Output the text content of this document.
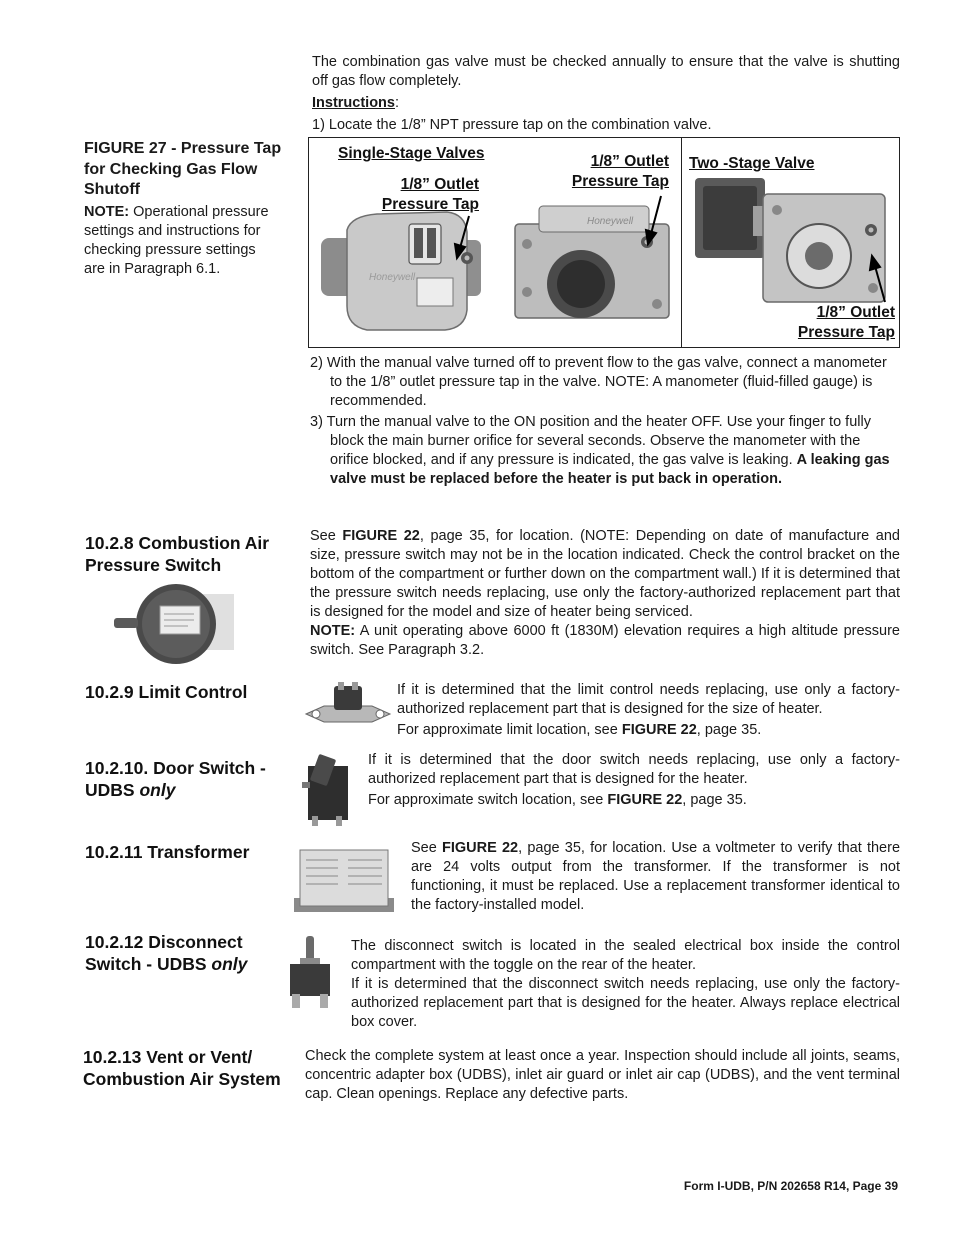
The combination gas valve must be checked annually to ensure that the valve is shutting off gas flow completely.

Instructions:
1) Locate the 1/8” NPT pressure tap on the combination valve.
FIGURE 27 - Pressure Tap for Checking Gas Flow Shutoff
NOTE: Operational pressure settings and instructions for checking pressure settings are in Paragraph 6.1.
Honeywell
Honeywell
Single-Stage Valves
1/8” Outlet Pressure Tap
1/8” Outlet Pressure Tap
Two -Stage Valve
1/8” Outlet Pressure Tap

2) With the manual valve turned off to prevent flow to the gas valve, connect a manometer to the 1/8” outlet pressure tap in the valve. NOTE: A manometer (fluid-filled gauge) is recommended.

3) Turn the manual valve to the ON position and the heater OFF. Use your finger to fully block the main burner orifice for several seconds. Observe the manometer with the orifice blocked, and if any pressure is indicated, the gas valve is leaking. A leaking gas valve must be replaced before the heater is put back in operation.

10.2.8 Combustion Air Pressure Switch

See FIGURE 22, page 35, for location. (NOTE: Depending on date of manufacture and size, pressure switch may not be in the location indicated. Check the control bracket on the bottom of the compartment or further down on the compartment wall.) If it is determined that the pressure switch needs replacing, use only the factory-authorized replacement part that is designed for the model and size of heater being serviced.

NOTE: A unit operating above 6000 ft (1830M) elevation requires a high altitude pressure switch. See Paragraph 3.2.

10.2.9 Limit Control	If it is determined that the limit control needs replacing, use only a factory-authorized replacement part that is designed for the size of heater.

For approximate limit location, see FIGURE 22, page 35.

10.2.10. Door Switch - UDBS only

If it is determined that the door switch needs replacing, use only a factory-authorized replacement part that is designed for the heater.

For approximate switch location, see FIGURE 22, page 35.

10.2.11 Transformer	See FIGURE 22, page 35, for location. Use a voltmeter to verify that there are 24 volts output from the transformer. If the transformer is not functioning, it must be replaced. Use a replacement transformer identical to the factory-installed model.

10.2.12 Disconnect Switch - UDBS only

The disconnect switch is located in the sealed electrical box inside the control compartment with the toggle on the rear of the heater.

If it is determined that the disconnect switch needs replacing, use only the factory-authorized replacement part that is designed for the heater. Always replace electrical box cover.

10.2.13 Vent or Vent/ Combustion Air System

Check the complete system at least once a year. Inspection should include all joints, seams, concentric adapter box (UDBS), inlet air guard or inlet air cap (UDBS), and the vent terminal cap. Clean openings. Replace any defective parts.

Form I-UDB, P/N 202658 R14, Page 39
